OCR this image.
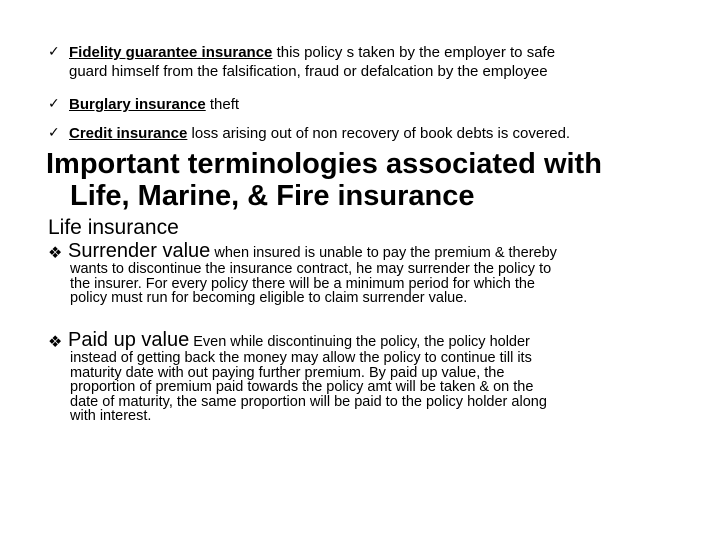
✓ Fidelity guarantee insurance this policy s taken by the employer to safe
guard himself from the falsification, fraud or defalcation by the employee
✓ Burglary insurance theft
✓ Credit insurance loss arising out of non recovery of book debts is covered.
Important terminologies associated with
Life, Marine, & Fire insurance
Life insurance
❖ Surrender value when insured is unable to pay the premium & thereby
wants to discontinue the insurance contract, he may surrender the policy to
the insurer. For every policy there will be a minimum period for which the
policy must run for becoming eligible to claim surrender value.
❖ Paid up value Even while discontinuing the policy, the policy holder
instead of getting back the money may allow the policy to continue till its
maturity date with out paying further premium. By paid up value, the
proportion of premium paid towards the policy amt will be taken & on the
date of maturity, the same proportion will be paid to the policy holder along
with interest.
